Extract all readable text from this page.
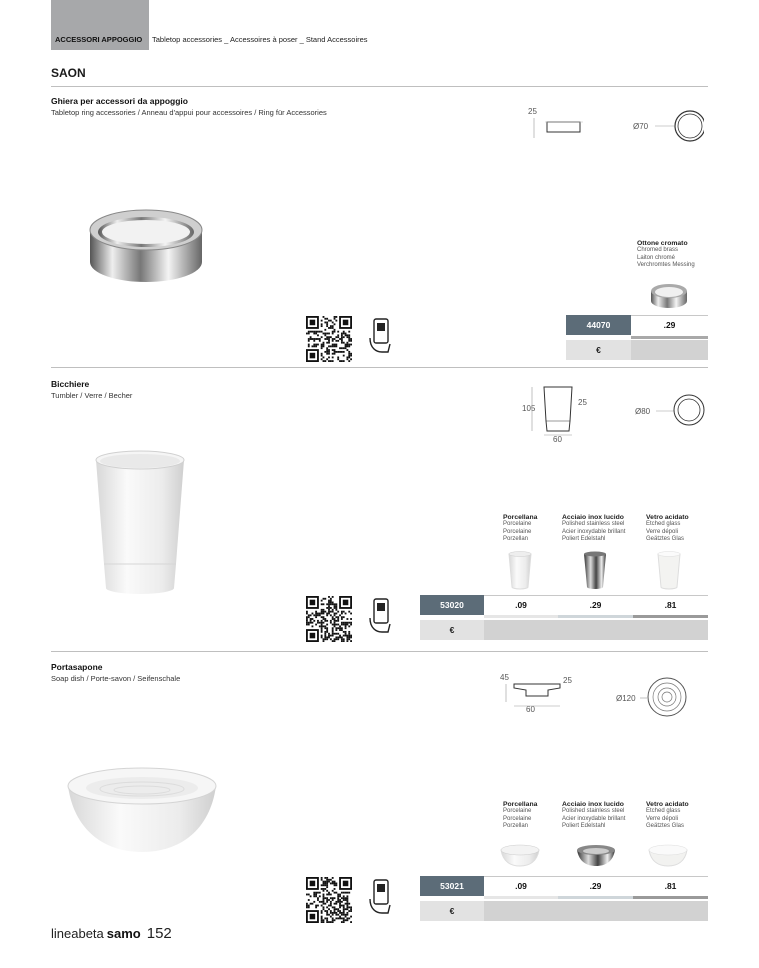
ACCESSORI APPOGGIO Tabletop accessories _ Accessoires à poser _ Stand Accessoires
SAON
Ghiera per accessori da appoggio
Tabletop ring accessories / Anneau d'appui pour accessoires / Ring für Accessories	25
Ø70
Ottone cromato
Chromed brass
Laiton chromé
Verchromtes Messing
44070	.29
€
Bicchiere
Tumbler / Verre / Becher
105
25
60
Ø80
Porcellana
Porcelaine
Porcelaine
Porzellan
Acciaio inox lucido
Polished stainless steel
Acier inoxydable brillant
Poliert Edelstahl
Vetro acidato
Etched glass
Verre dépoli
Geätztes Glas
53020	.09	.29	.81
€
Portasapone
Soap dish / Porte-savon / Seifenschale	45	25
60
Ø120
Porcellana
Porcelaine
Porcelaine
Porzellan
Acciaio inox lucido
Polished stainless steel
Acier inoxydable brillant
Poliert Edelstahl
Vetro acidato
Etched glass
Verre dépoli
Geätztes Glas
53021	.09	.29	.81
€
lineabeta samo 152
